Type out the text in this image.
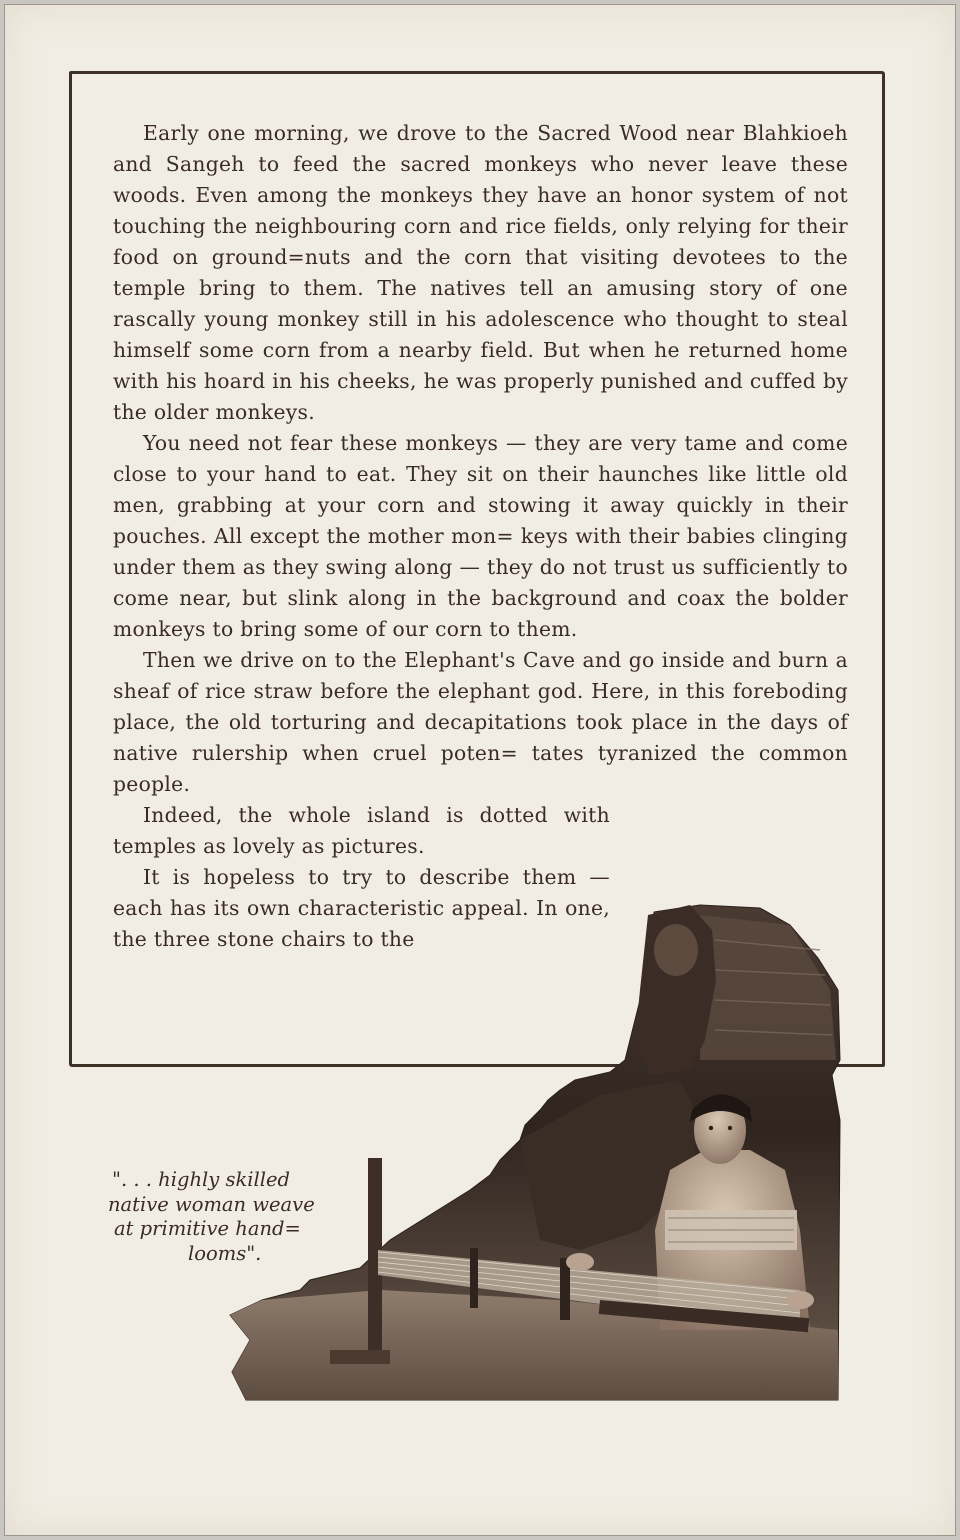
Early one morning, we drove to the Sacred Wood near Blahkioeh and Sangeh to feed the sacred monkeys who never leave these woods. Even among the monkeys they have an honor system of not touching the neighbouring corn and rice fields, only relying for their food on ground=nuts and the corn that visiting devotees to the temple bring to them. The natives tell an amusing story of one rascally young monkey still in his adolescence who thought to steal himself some corn from a nearby field. But when he returned home with his hoard in his cheeks, he was properly punished and cuffed by the older monkeys.

You need not fear these monkeys — they are very tame and come close to your hand to eat. They sit on their haunches like little old men, grabbing at your corn and stowing it away quickly in their pouches. All except the mother mon= keys with their babies clinging under them as they swing along — they do not trust us sufficiently to come near, but slink along in the background and coax the bolder monkeys to bring some of our corn to them.

Then we drive on to the Elephant's Cave and go inside and burn a sheaf of rice straw before the elephant god. Here, in this foreboding place, the old torturing and decapitations took place in the days of native rulership when cruel poten= tates tyranized the common people.

Indeed, the whole island is dotted with temples as lovely as pictures.

It is hopeless to try to describe them — each has its own characteristic appeal. In one, the three stone chairs to the

". . . highly skilled
native woman weave
at primitive hand=
looms".
